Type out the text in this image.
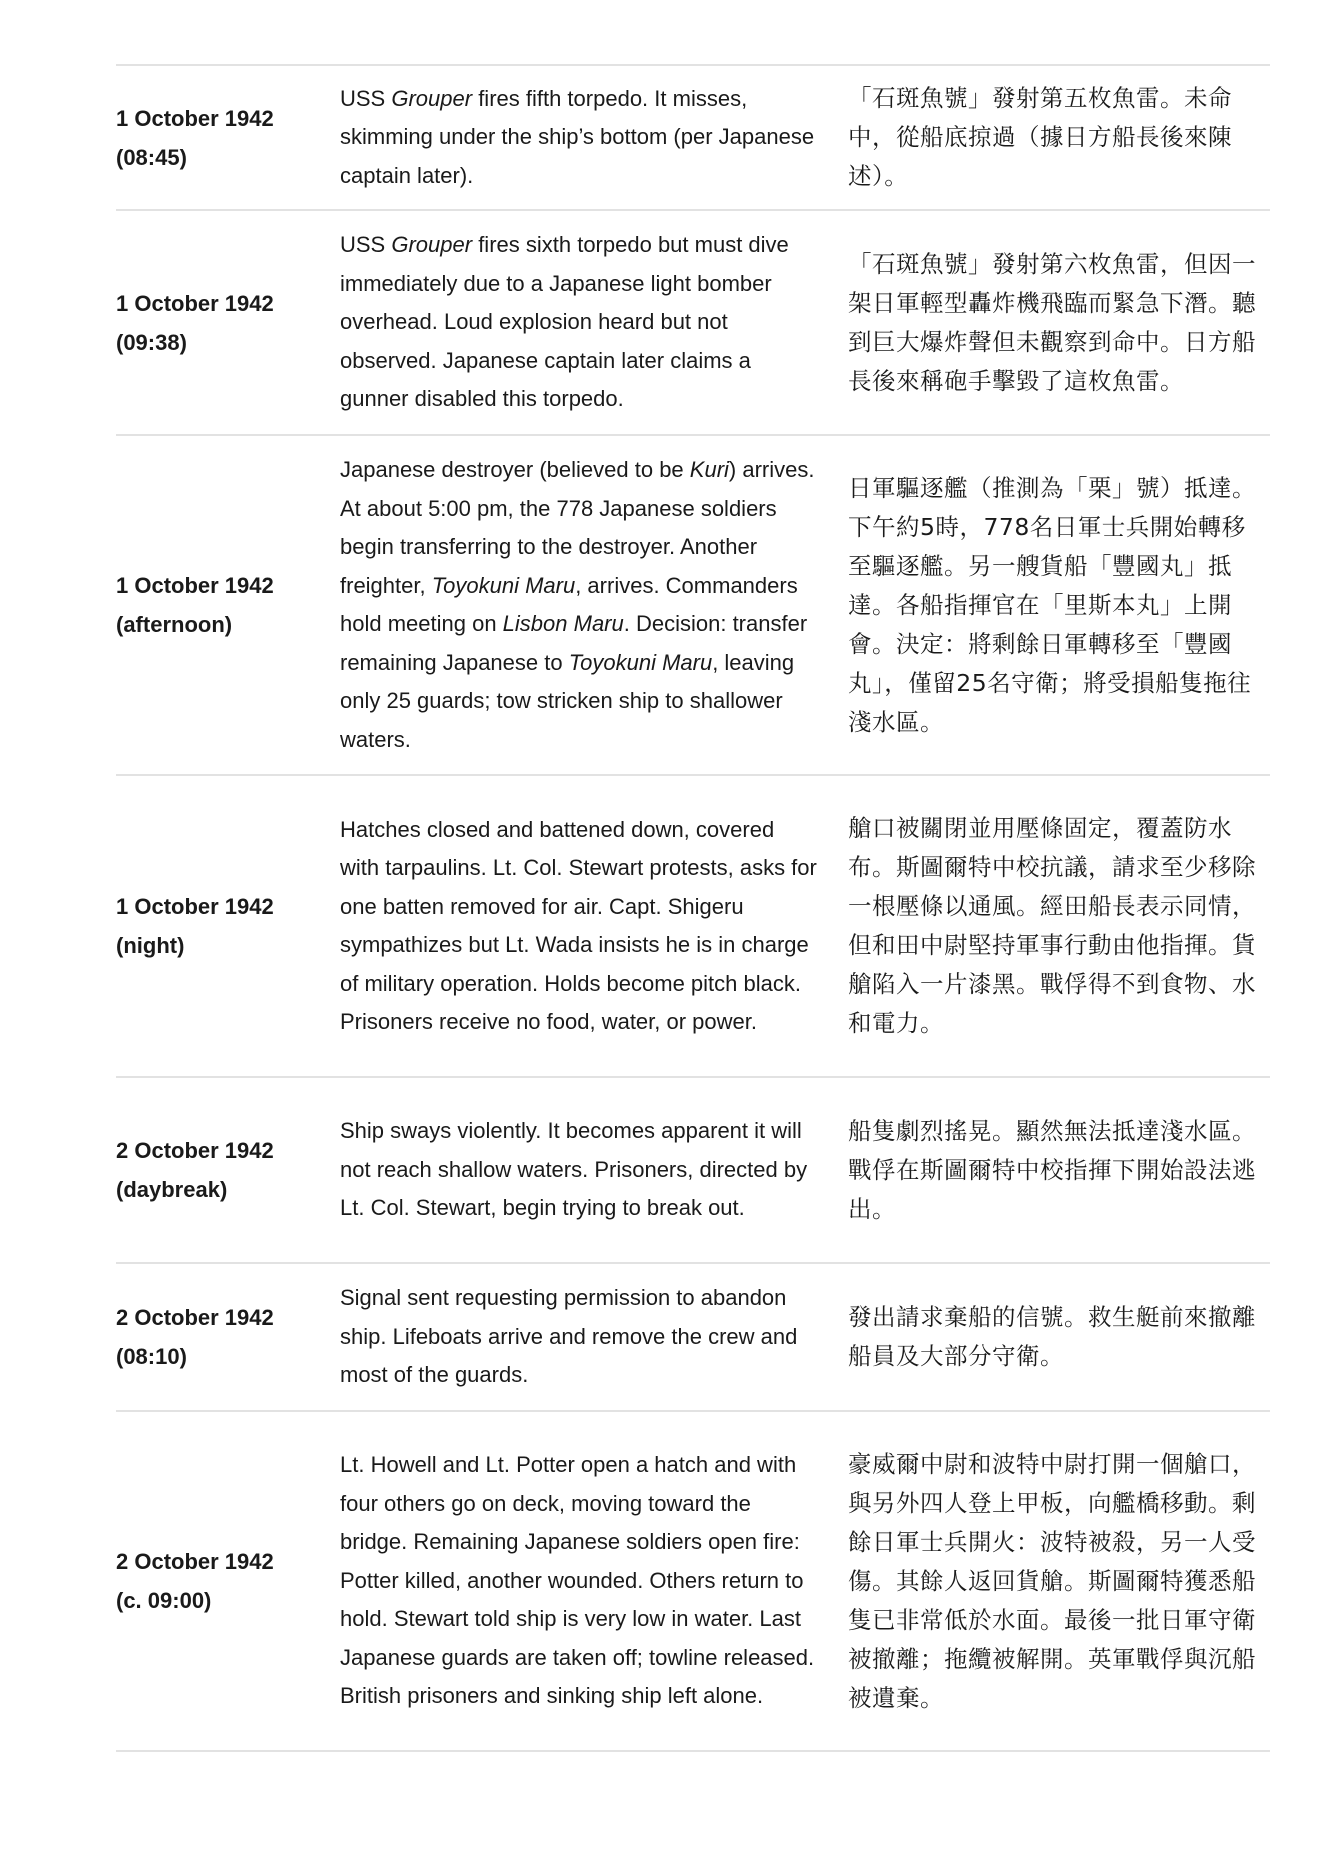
1 October 1942
(08:45)
USS Grouper fires fifth torpedo. It misses, skimming under the ship’s bottom (per Japanese captain later).
「石斑魚號」發射第五枚魚雷。未命中，從船底掠過（據日方船長後來陳述）。
1 October 1942
(09:38)
USS Grouper fires sixth torpedo but must dive immediately due to a Japanese light bomber overhead. Loud explosion heard but not observed. Japanese captain later claims a gunner disabled this torpedo.
「石斑魚號」發射第六枚魚雷，但因一架日軍輕型轟炸機飛臨而緊急下潛。聽到巨大爆炸聲但未觀察到命中。日方船長後來稱砲手擊毀了這枚魚雷。
1 October 1942
(afternoon)
Japanese destroyer (believed to be Kuri) arrives. At about 5:00 pm, the 778 Japanese soldiers begin transferring to the destroyer. Another freighter, Toyokuni Maru, arrives. Commanders hold meeting on Lisbon Maru. Decision: transfer remaining Japanese to Toyokuni Maru, leaving only 25 guards; tow stricken ship to shallower waters.
日軍驅逐艦（推測為「栗」號）抵達。下午約5時，778名日軍士兵開始轉移至驅逐艦。另一艘貨船「豐國丸」抵達。各船指揮官在「里斯本丸」上開會。決定：將剩餘日軍轉移至「豐國丸」，僅留25名守衛；將受損船隻拖往淺水區。
1 October 1942
(night)
Hatches closed and battened down, covered with tarpaulins. Lt. Col. Stewart protests, asks for one batten removed for air. Capt. Shigeru sympathizes but Lt. Wada insists he is in charge of military operation. Holds become pitch black. Prisoners receive no food, water, or power.
艙口被關閉並用壓條固定，覆蓋防水布。斯圖爾特中校抗議，請求至少移除一根壓條以通風。經田船長表示同情，但和田中尉堅持軍事行動由他指揮。貨艙陷入一片漆黑。戰俘得不到食物、水和電力。
2 October 1942
(daybreak)
Ship sways violently. It becomes apparent it will not reach shallow waters. Prisoners, directed by Lt. Col. Stewart, begin trying to break out.
船隻劇烈搖晃。顯然無法抵達淺水區。戰俘在斯圖爾特中校指揮下開始設法逃出。
2 October 1942
(08:10)
Signal sent requesting permission to abandon ship. Lifeboats arrive and remove the crew and most of the guards.
發出請求棄船的信號。救生艇前來撤離船員及大部分守衛。
2 October 1942
(c. 09:00)
Lt. Howell and Lt. Potter open a hatch and with four others go on deck, moving toward the bridge. Remaining Japanese soldiers open fire: Potter killed, another wounded. Others return to hold. Stewart told ship is very low in water. Last Japanese guards are taken off; towline released. British prisoners and sinking ship left alone.
豪威爾中尉和波特中尉打開一個艙口，與另外四人登上甲板，向艦橋移動。剩餘日軍士兵開火：波特被殺，另一人受傷。其餘人返回貨艙。斯圖爾特獲悉船隻已非常低於水面。最後一批日軍守衛被撤離；拖纜被解開。英軍戰俘與沉船被遺棄。
